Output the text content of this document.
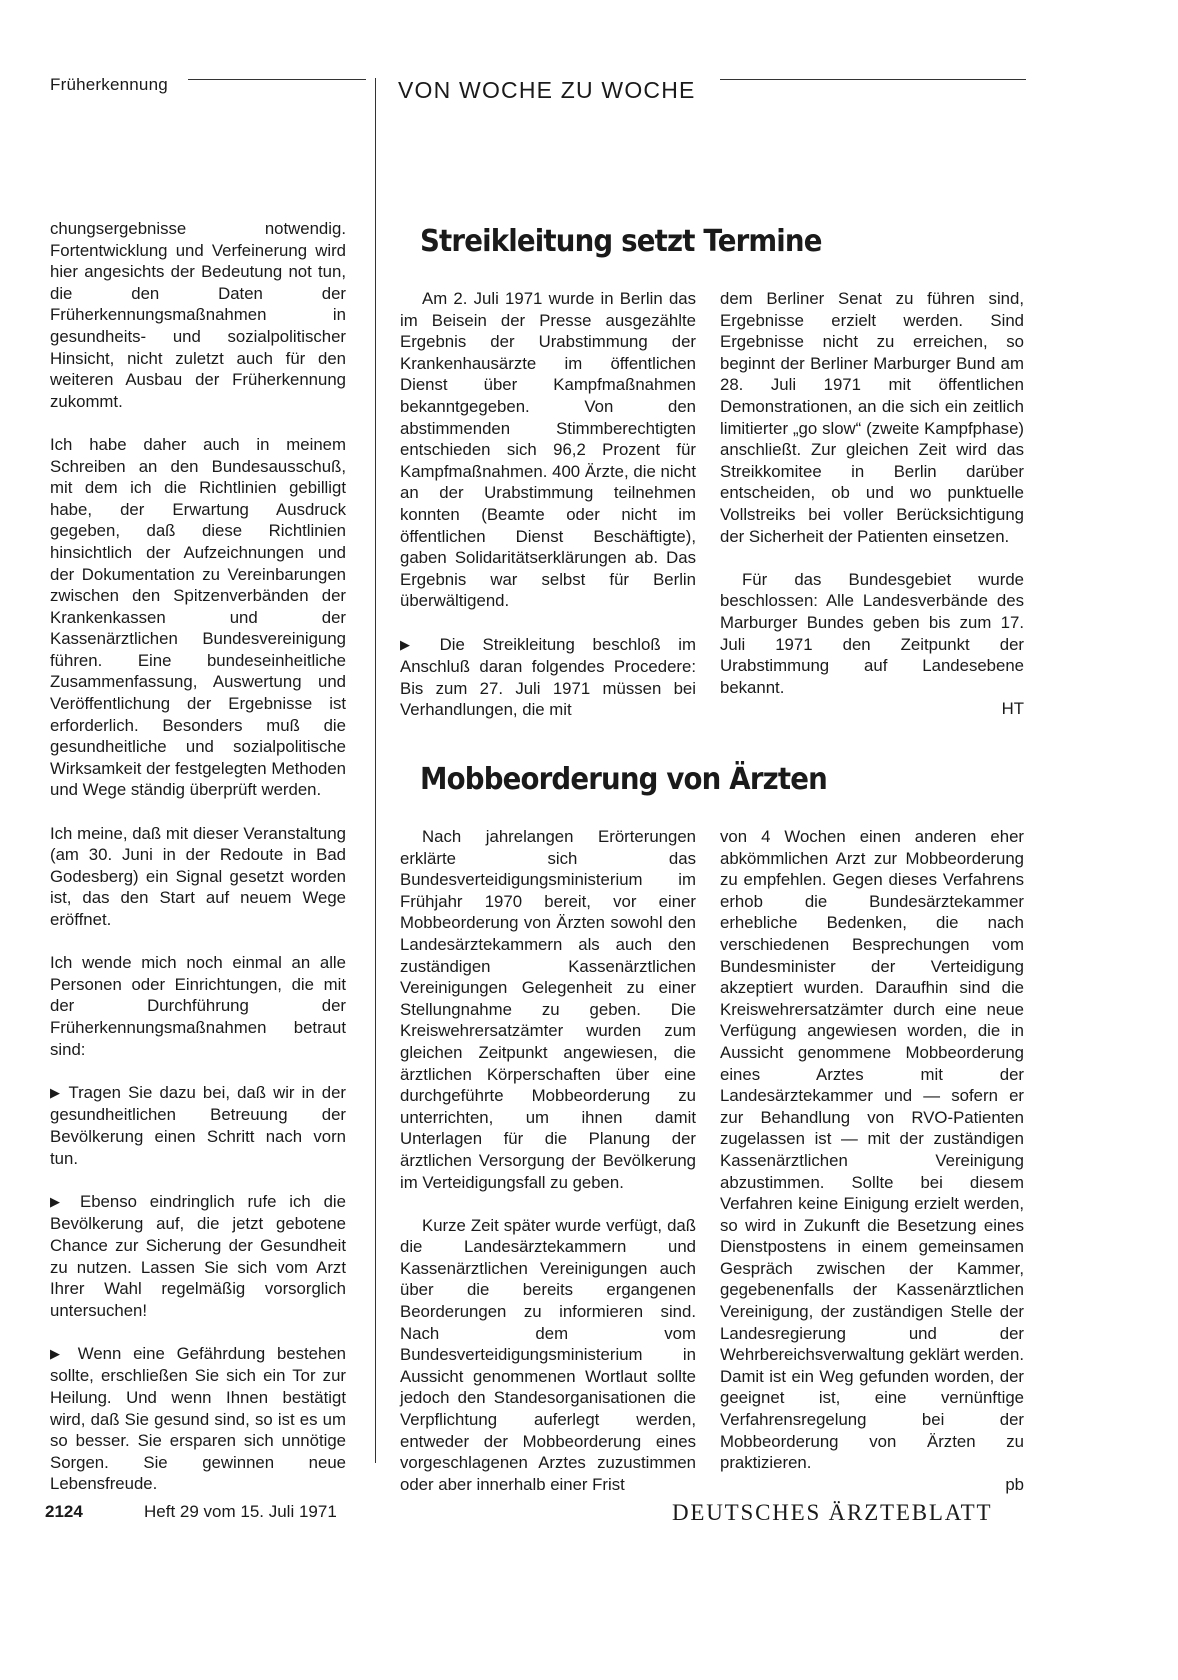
Früherkennung	VON WOCHE ZU WOCHE

chungsergebnisse notwendig. Fortentwicklung und Verfeinerung wird hier angesichts der Bedeutung not tun, die den Daten der Früherkennungsmaßnahmen in gesundheits- und sozialpolitischer Hinsicht, nicht zuletzt auch für den weiteren Ausbau der Früherkennung zukommt.

Ich habe daher auch in meinem Schreiben an den Bundesausschuß, mit dem ich die Richtlinien gebilligt habe, der Erwartung Ausdruck gegeben, daß diese Richtlinien hinsichtlich der Aufzeichnungen und der Dokumentation zu Vereinbarungen zwischen den Spitzenverbänden der Krankenkassen und der Kassenärztlichen Bundesvereinigung führen. Eine bundeseinheitliche Zusammenfassung, Auswertung und Veröffentlichung der Ergebnisse ist erforderlich. Besonders muß die gesundheitliche und sozialpolitische Wirksamkeit der festgelegten Methoden und Wege ständig überprüft werden.

Ich meine, daß mit dieser Veranstaltung (am 30. Juni in der Redoute in Bad Godesberg) ein Signal gesetzt worden ist, das den Start auf neuem Wege eröffnet.

Ich wende mich noch einmal an alle Personen oder Einrichtungen, die mit der Durchführung der Früherkennungsmaßnahmen betraut sind:

▶ Tragen Sie dazu bei, daß wir in der gesundheitlichen Betreuung der Bevölkerung einen Schritt nach vorn tun.

▶ Ebenso eindringlich rufe ich die Bevölkerung auf, die jetzt gebotene Chance zur Sicherung der Gesundheit zu nutzen. Lassen Sie sich vom Arzt Ihrer Wahl regelmäßig vorsorglich untersuchen!

▶ Wenn eine Gefährdung bestehen sollte, erschließen Sie sich ein Tor zur Heilung. Und wenn Ihnen bestätigt wird, daß Sie gesund sind, so ist es um so besser. Sie ersparen sich unnötige Sorgen. Sie gewinnen neue Lebensfreude.

Streikleitung setzt Termine

Am 2. Juli 1971 wurde in Berlin das im Beisein der Presse ausgezählte Ergebnis der Urabstimmung der Krankenhausärzte im öffentlichen Dienst über Kampfmaßnahmen bekanntgegeben. Von den abstimmenden Stimmberechtigten entschieden sich 96,2 Prozent für Kampfmaßnahmen. 400 Ärzte, die nicht an der Urabstimmung teilnehmen konnten (Beamte oder nicht im öffentlichen Dienst Beschäftigte), gaben Solidaritätserklärungen ab. Das Ergebnis war selbst für Berlin überwältigend.

▶ Die Streikleitung beschloß im Anschluß daran folgendes Procedere: Bis zum 27. Juli 1971 müssen bei Verhandlungen, die mit

dem Berliner Senat zu führen sind, Ergebnisse erzielt werden. Sind Ergebnisse nicht zu erreichen, so beginnt der Berliner Marburger Bund am 28. Juli 1971 mit öffentlichen Demonstrationen, an die sich ein zeitlich limitierter „go slow“ (zweite Kampfphase) anschließt. Zur gleichen Zeit wird das Streikkomitee in Berlin darüber entscheiden, ob und wo punktuelle Vollstreiks bei voller Berücksichtigung der Sicherheit der Patienten einsetzen.

Für das Bundesgebiet wurde beschlossen: Alle Landesverbände des Marburger Bundes geben bis zum 17. Juli 1971 den Zeitpunkt der Urabstimmung auf Landesebene bekannt.

HT
Mobbeorderung von Ärzten

Nach jahrelangen Erörterungen erklärte sich das Bundesverteidigungsministerium im Frühjahr 1970 bereit, vor einer Mobbeorderung von Ärzten sowohl den Landesärztekammern als auch den zuständigen Kassenärztlichen Vereinigungen Gelegenheit zu einer Stellungnahme zu geben. Die Kreiswehrersatzämter wurden zum gleichen Zeitpunkt angewiesen, die ärztlichen Körperschaften über eine durchgeführte Mobbeorderung zu unterrichten, um ihnen damit Unterlagen für die Planung der ärztlichen Versorgung der Bevölkerung im Verteidigungsfall zu geben.

Kurze Zeit später wurde verfügt, daß die Landesärztekammern und Kassenärztlichen Vereinigungen auch über die bereits ergangenen Beorderungen zu informieren sind. Nach dem vom Bundesverteidigungsministerium in Aussicht genommenen Wortlaut sollte jedoch den Standesorganisationen die Verpflichtung auferlegt werden, entweder der Mobbeorderung eines vorgeschlagenen Arztes zuzustimmen oder aber innerhalb einer Frist

von 4 Wochen einen anderen eher abkömmlichen Arzt zur Mobbeorderung zu empfehlen. Gegen dieses Verfahrens erhob die Bundesärztekammer erhebliche Bedenken, die nach verschiedenen Besprechungen vom Bundesminister der Verteidigung akzeptiert wurden. Daraufhin sind die Kreiswehrersatzämter durch eine neue Verfügung angewiesen worden, die in Aussicht genommene Mobbeorderung eines Arztes mit der Landesärztekammer und — sofern er zur Behandlung von RVO-Patienten zugelassen ist — mit der zuständigen Kassenärztlichen Vereinigung abzustimmen. Sollte bei diesem Verfahren keine Einigung erzielt werden, so wird in Zukunft die Besetzung eines Dienstpostens in einem gemeinsamen Gespräch zwischen der Kammer, gegebenenfalls der Kassenärztlichen Vereinigung, der zuständigen Stelle der Landesregierung und der Wehrbereichsverwaltung geklärt werden. Damit ist ein Weg gefunden worden, der geeignet ist, eine vernünftige Verfahrensregelung bei der Mobbeorderung von Ärzten zu praktizieren.

pb
2124	Heft 29 vom 15. Juli 1971	DEUTSCHES ÄRZTEBLATT
